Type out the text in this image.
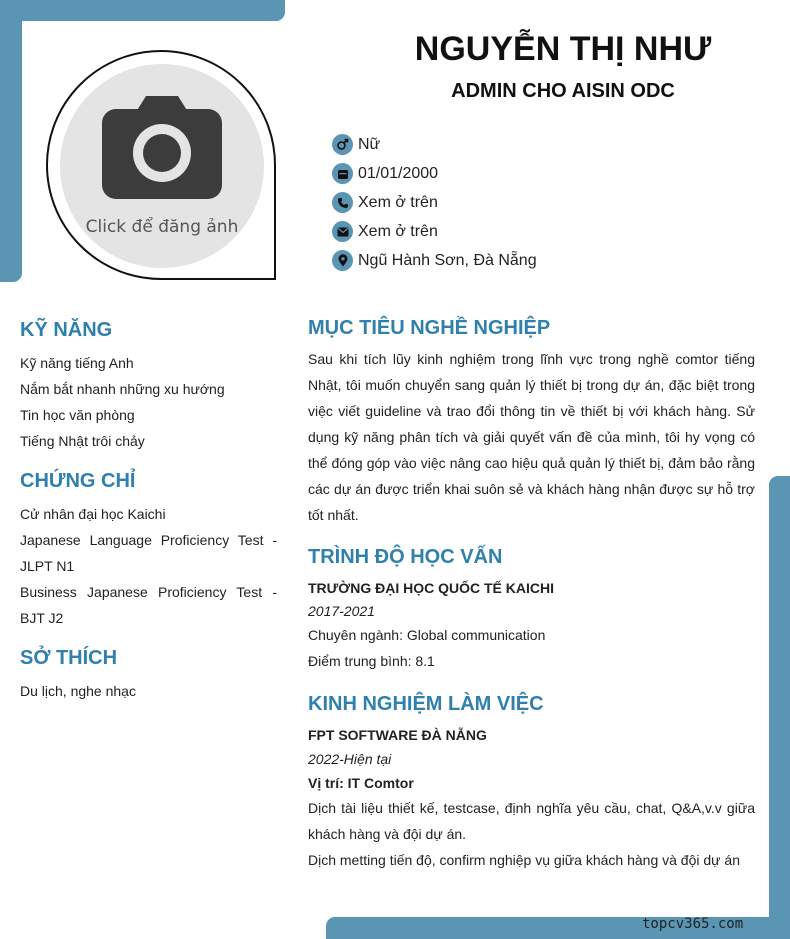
Click để đăng ảnh
NGUYỄN THỊ NHƯ
ADMIN CHO AISIN ODC
Nữ
01/01/2000
Xem ở trên
Xem ở trên
Ngũ Hành Sơn, Đà Nẵng
KỸ NĂNG
Kỹ năng tiếng Anh
Nắm bắt nhanh những xu hướng
Tin học văn phòng
Tiếng Nhật trôi chảy
CHỨNG CHỈ
Cử nhân đại học Kaichi
Japanese Language Proficiency Test - JLPT N1
Business Japanese Proficiency Test - BJT J2
SỞ THÍCH
Du lịch, nghe nhạc
MỤC TIÊU NGHỀ NGHIỆP
Sau khi tích lũy kinh nghiệm trong lĩnh vực trong nghề comtor tiếng Nhật, tôi muốn chuyển sang quản lý thiết bị trong dự án, đặc biệt trong việc viết guideline và trao đổi thông tin về thiết bị với khách hàng. Sử dụng kỹ năng phân tích và giải quyết vấn đề của mình, tôi hy vọng có thể đóng góp vào việc nâng cao hiệu quả quản lý thiết bị, đảm bảo rằng các dự án được triển khai suôn sẻ và khách hàng nhận được sự hỗ trợ tốt nhất.
TRÌNH ĐỘ HỌC VẤN
TRƯỜNG ĐẠI HỌC QUỐC TẾ KAICHI
2017-2021
Chuyên ngành: Global communication
Điểm trung bình: 8.1
KINH NGHIỆM LÀM VIỆC
FPT SOFTWARE ĐÀ NẴNG
2022-Hiện tại
Vị trí: IT Comtor
Dịch tài liệu thiết kế, testcase, định nghĩa yêu cầu, chat, Q&A,v.v giữa khách hàng và đội dự án.
Dịch metting tiến độ, confirm nghiệp vụ giữa khách hàng và đội dự án
topcv365.com
